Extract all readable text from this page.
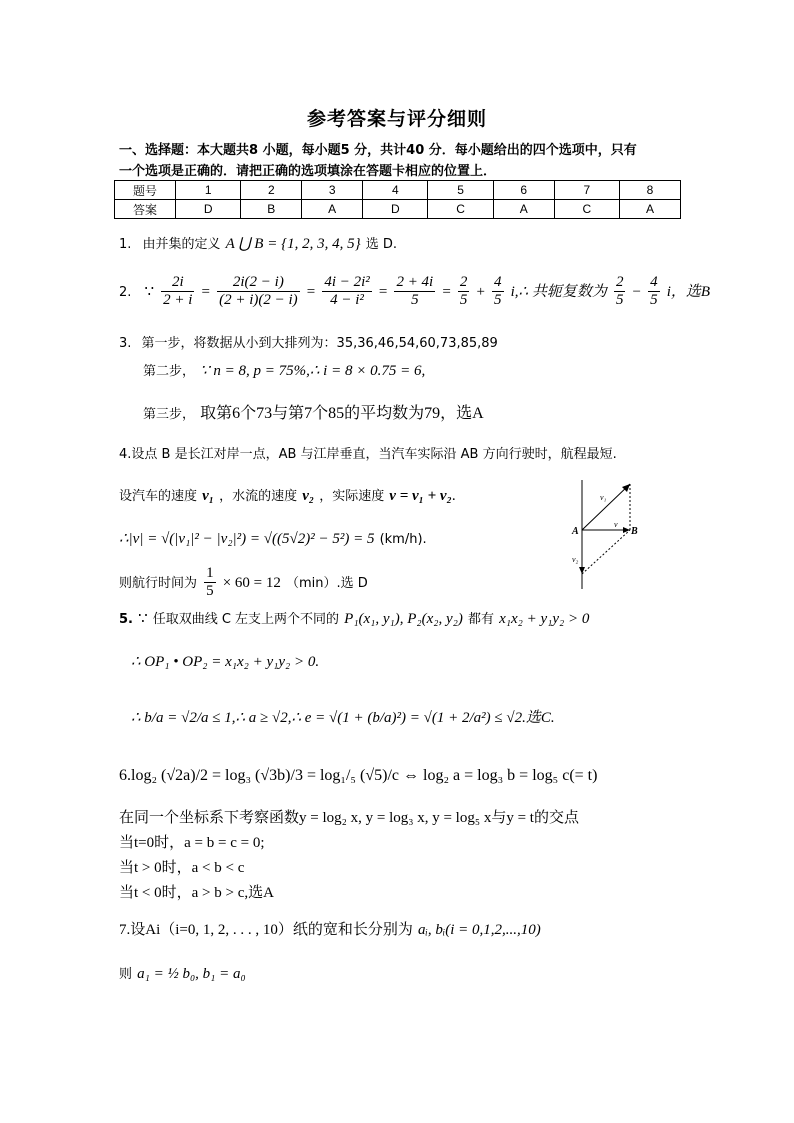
参考答案与评分细则
一、选择题：本大题共8 小题，每小题5 分，共计40 分．每小题给出的四个选项中，只有
一个选项是正确的．请把正确的选项填涂在答题卡相应的位置上．
题号	1	2	3	4	5	6	7	8
答案	D	B	A	D	C	A	C	A
1. 由并集的定义 A ⋃ B = {1, 2, 3, 4, 5} 选 D.
2. ∵ $\frac{2i}{2 + i} = \frac{2i(2 - i)}{(2 + i)(2 - i)} = \frac{\text{4i − 2i²}}{\text{4 − i²}} = \frac{2 + 4i}{5} = \frac{2}{5} + \frac{4}{5}$ i,∴ 共轭复数为 $\frac{2}{5} - \frac{4}{5}$ i，选B
3. 第一步，将数据从小到大排列为：35,36,46,54,60,73,85,89
第二步， ∵ n = 8, p = 75%,∴ i = 8 × 0.75 = 6,
第三步， 取第6个73与第7个85的平均数为79，选A
4.设点 B 是长江对岸一点，AB 与江岸垂直，当汽车实际沿 AB 方向行驶时，航程最短.
设汽车的速度 v₁ ，水流的速度 v₂ ，实际速度 v = v₁ + v₂.
∴|v| = √(|v₁|² − |v₂|²) = √((5√2)² − 5²) = 5 (km/h).
则航行时间为 $\frac{1}{5} \times 60 = 12$ （min）.选 D
v₁
v
A	B
v₂
5. ∵ 任取双曲线 C 左支上两个不同的 P₁(x₁, y₁), P₂(x₂, y₂) 都有 x₁x₂ + y₁y₂ > 0
∴ OP₁ • OP₂ = x₁x₂ + y₁y₂ > 0.
∴ b/a = √2/a ≤ 1,∴ a ≥ √2,∴ e = √(1 + (b/a)²) = √(1 + 2/a²) ≤ √2.选C.
6.log₂ (√2a)/2 = log₃ (√3b)/3 = log₁/₅ (√5)/c ⇔ log₂ a = log₃ b = log₅ c(= t)
在同一个坐标系下考察函数y = log₂ x, y = log₃ x, y = log₅ x与y = t的交点
当t=0时，a = b = c = 0;
当t > 0时，a < b < c
当t < 0时，a > b > c,选A
7.设Ai（i=0, 1, 2, . . . , 10）纸的宽和长分别为 aᵢ, bᵢ(i = 0,1,2,...,10)
则 a₁ = ½ b₀, b₁ = a₀
